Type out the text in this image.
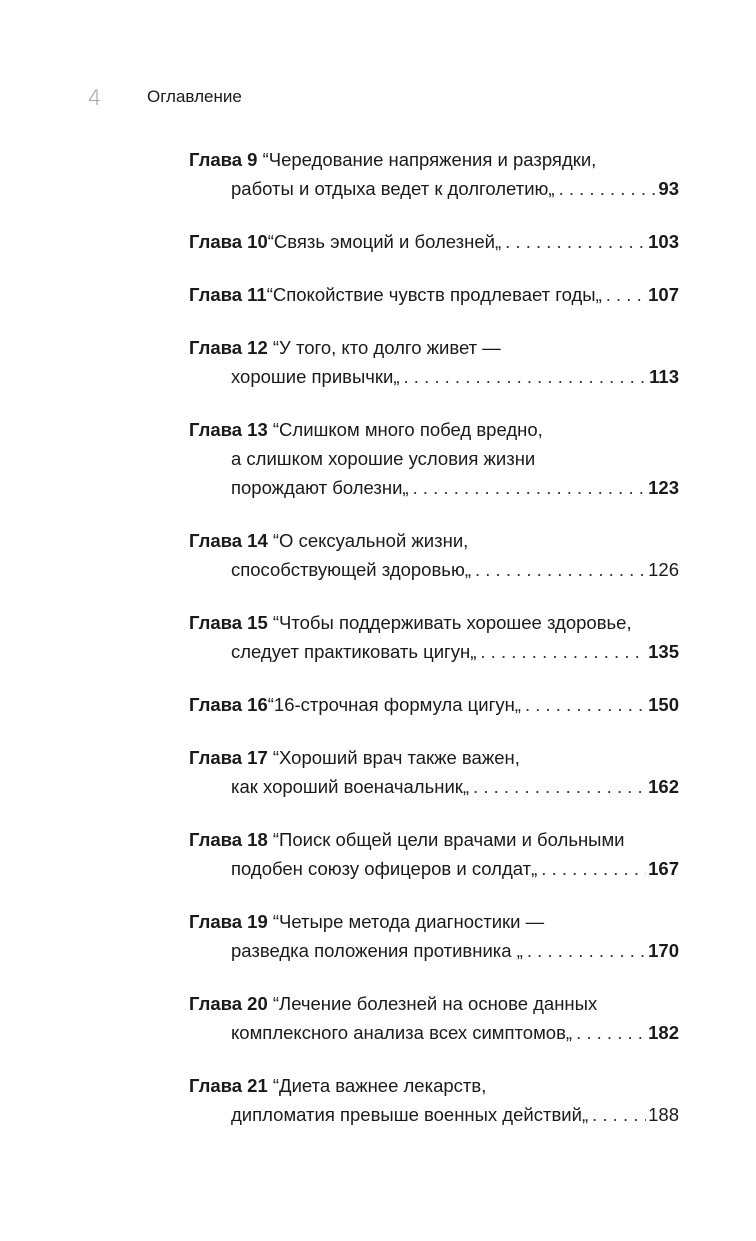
4	Оглавление
Глава 9 “Чередование напряжения и разрядки,
работы и отдыха ведет к долголетию„ . . .	93
Глава 10 “Связь эмоций и болезней„ . . .	103
Глава 11 “Спокойствие чувств продлевает годы„ . . .	107
Глава 12 “У того, кто долго живет —
хорошие привычки„ . . .	113
Глава 13 “Слишком много побед вредно,
а слишком хорошие условия жизни
порождают болезни„ . . .	123
Глава 14 “О сексуальной жизни,
способствующей здоровью„ . . .	126
Глава 15 “Чтобы поддерживать хорошее здоровье,
следует практиковать цигун„ . . .	135
Глава 16 “16-строчная формула цигун„ . . .	150
Глава 17 “Хороший врач также важен,
как хороший военачальник„ . . .	162
Глава 18 “Поиск общей цели врачами и больными
подобен союзу офицеров и солдат„ . . .	167
Глава 19 “Четыре метода диагностики —
разведка положения противника „ . . .	170
Глава 20 “Лечение болезней на основе данных
комплексного анализа всех симптомов„ . . .	182
Глава 21 “Диета важнее лекарств,
дипломатия превыше военных действий„ . . .	188
